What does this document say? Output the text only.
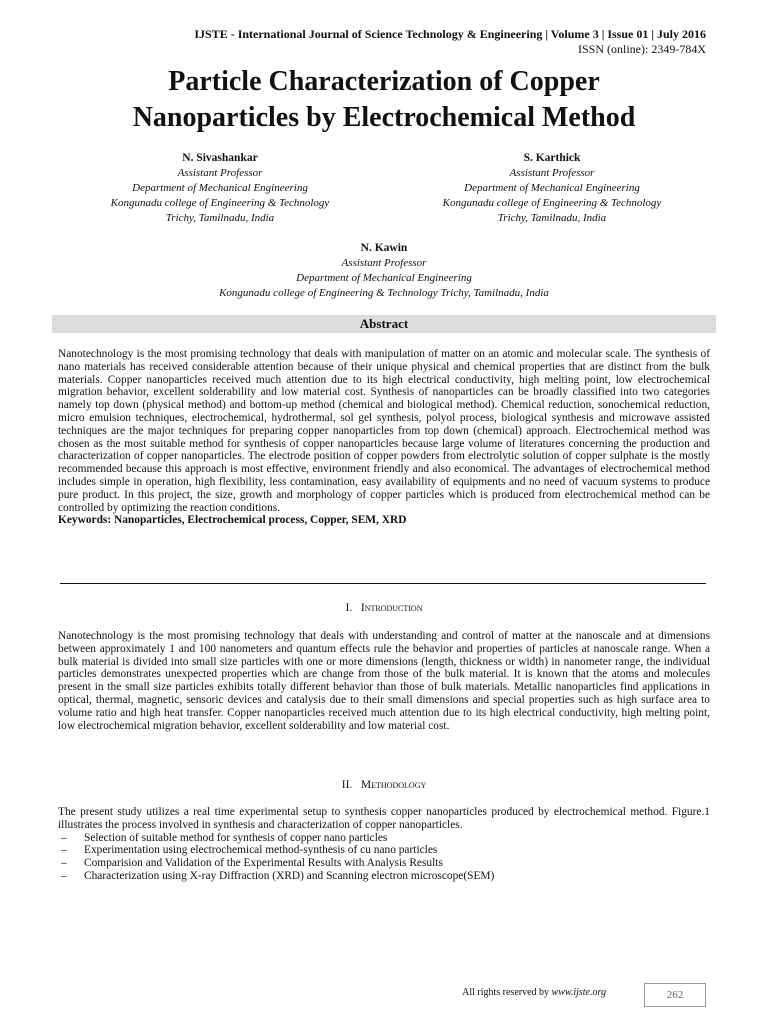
IJSTE - International Journal of Science Technology & Engineering | Volume 3 | Issue 01 | July 2016
ISSN (online): 2349-784X
Particle Characterization of Copper
Nanoparticles by Electrochemical Method
N. Sivashankar
Assistant Professor
Department of Mechanical Engineering
Kongunadu college of Engineering & Technology
Trichy, Tamilnadu, India
S. Karthick
Assistant Professor
Department of Mechanical Engineering
Kongunadu college of Engineering & Technology
Trichy, Tamilnadu, India
N. Kawin
Assistant Professor
Department of Mechanical Engineering
Kongunadu college of Engineering & Technology Trichy, Tamilnadu, India
Abstract
Nanotechnology is the most promising technology that deals with manipulation of matter on an atomic and molecular scale. The synthesis of nano materials has received considerable attention because of their unique physical and chemical properties that are distinct from the bulk materials. Copper nanoparticles received much attention due to its high electrical conductivity, high melting point, low electrochemical migration behavior, excellent solderability and low material cost. Synthesis of nanoparticles can be broadly classified into two categories namely top down (physical method) and bottom-up method (chemical and biological method). Chemical reduction, sonochemical reduction, micro emulsion techniques, electrochemical, hydrothermal, sol gel synthesis, polyol process, biological synthesis and microwave assisted techniques are the major techniques for preparing copper nanoparticles from top down (chemical) approach. Electrochemical method was chosen as the most suitable method for synthesis of copper nanoparticles because large volume of literatures concerning the production and characterization of copper nanoparticles. The electrode position of copper powders from electrolytic solution of copper sulphate is the mostly recommended because this approach is most effective, environment friendly and also economical. The advantages of electrochemical method includes simple in operation, high flexibility, less contamination, easy availability of equipments and no need of vacuum systems to produce pure product. In this project, the size, growth and morphology of copper particles which is produced from electrochemical method can be controlled by optimizing the reaction conditions.
Keywords: Nanoparticles, Electrochemical process, Copper, SEM, XRD
I. Introduction
Nanotechnology is the most promising technology that deals with understanding and control of matter at the nanoscale and at dimensions between approximately 1 and 100 nanometers and quantum effects rule the behavior and properties of particles at nanoscale range. When a bulk material is divided into small size particles with one or more dimensions (length, thickness or width) in nanometer range, the individual particles demonstrates unexpected properties which are change from those of the bulk material. It is known that the atoms and molecules present in the small size particles exhibits totally different behavior than those of bulk materials. Metallic nanoparticles find applications in optical, thermal, magnetic, sensoric devices and catalysis due to their small dimensions and special properties such as high surface area to volume ratio and high heat transfer. Copper nanoparticles received much attention due to its high electrical conductivity, high melting point, low electrochemical migration behavior, excellent solderability and low material cost.
II. Methodology
The present study utilizes a real time experimental setup to synthesis copper nanoparticles produced by electrochemical method. Figure.1 illustrates the process involved in synthesis and characterization of copper nanoparticles.
– Selection of suitable method for synthesis of copper nano particles
– Experimentation using electrochemical method-synthesis of cu nano particles
– Comparision and Validation of the Experimental Results with Analysis Results
– Characterization using X-ray Diffraction (XRD) and Scanning electron microscope(SEM)
All rights reserved by www.ijste.org	262
